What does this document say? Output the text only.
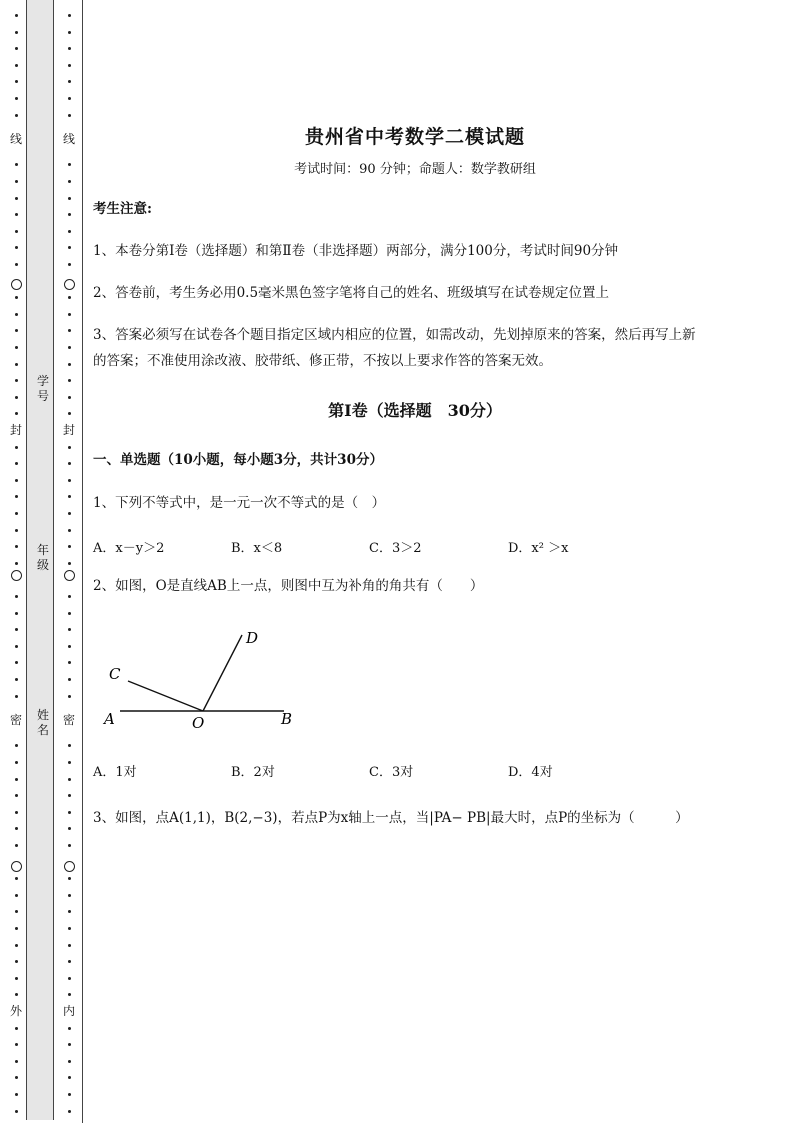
线
封
密
外
学号
年级
姓名
线
封
密
内
贵州省中考数学二模试题
考试时间：90 分钟；命题人：数学教研组
考生注意:
1、本卷分第I卷（选择题）和第Ⅱ卷（非选择题）两部分，满分100分，考试时间90分钟
2、答卷前，考生务必用0.5毫米黑色签字笔将自己的姓名、班级填写在试卷规定位置上
3、答案必须写在试卷各个题目指定区域内相应的位置，如需改动，先划掉原来的答案，然后再写上新
的答案；不准使用涂改液、胶带纸、修正带，不按以上要求作答的答案无效。
第I卷（选择题　30分）
一、单选题（10小题，每小题3分，共计30分）
1、下列不等式中，是一元一次不等式的是（　）
A．x－y＞2	B．x＜8	C．3＞2	D．x² ＞x
2、如图，O是直线AB上一点，则图中互为补角的角共有（　　）
A	B
C
D
O
A．1对	B．2对	C．3对	D．4对
3、如图，点A(1,1)，B(2,−3)，若点P为x轴上一点，当|PA− PB|最大时，点P的坐标为（　　　）
